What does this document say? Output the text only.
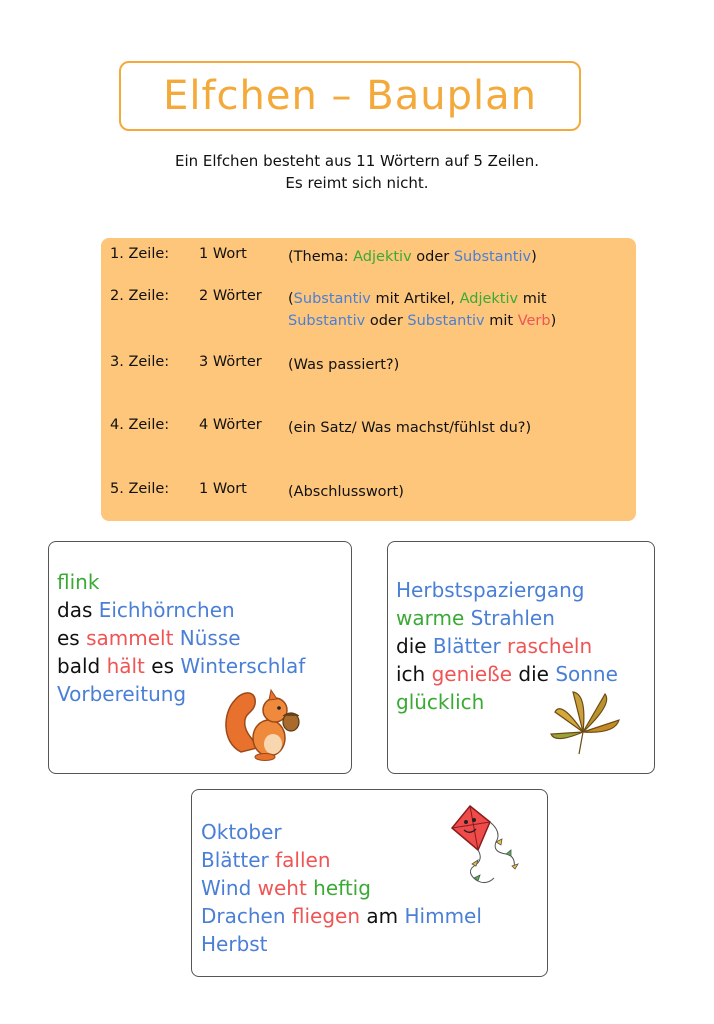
Elfchen – Bauplan
Ein Elfchen besteht aus 11 Wörtern auf 5 Zeilen.
Es reimt sich nicht.
1. Zeile: 1 Wort	(Thema: Adjektiv oder Substantiv)
2. Zeile: 2 Wörter (Substantiv mit Artikel, Adjektiv mit
Substantiv oder Substantiv mit Verb)
3. Zeile: 3 Wörter (Was passiert?)
4. Zeile: 4 Wörter (ein Satz/ Was machst/fühlst du?)
5. Zeile: 1 Wort	(Abschlusswort)
flink
das Eichhörnchen
es sammelt Nüsse
bald hält es Winterschlaf
Vorbereitung
Herbstspaziergang
warme Strahlen
die Blätter rascheln
ich genieße die Sonne
glücklich
Oktober
Blätter fallen
Wind weht heftig
Drachen fliegen am Himmel
Herbst
